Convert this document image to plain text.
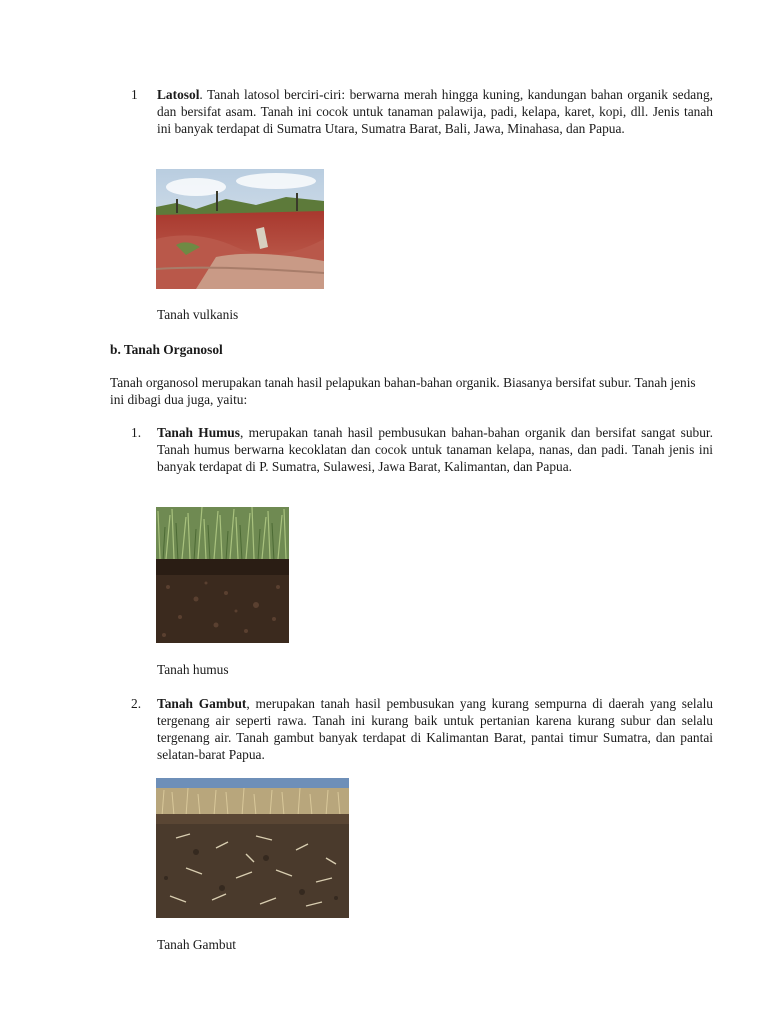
1 Latosol. Tanah latosol berciri-ciri: berwarna merah hingga kuning, kandungan bahan organik sedang, dan bersifat asam. Tanah ini cocok untuk tanaman palawija, padi, kelapa, karet, kopi, dll. Jenis tanah ini banyak terdapat di Sumatra Utara, Sumatra Barat, Bali, Jawa, Minahasa, dan Papua.

Tanah vulkanis
b. Tanah Organosol

Tanah organosol merupakan tanah hasil pelapukan bahan-bahan organik. Biasanya bersifat subur. Tanah jenis ini dibagi dua juga, yaitu:

1. Tanah Humus, merupakan tanah hasil pembusukan bahan-bahan organik dan bersifat sangat subur. Tanah humus berwarna kecoklatan dan cocok untuk tanaman kelapa, nanas, dan padi. Tanah jenis ini banyak terdapat di P. Sumatra, Sulawesi, Jawa Barat, Kalimantan, dan Papua.

Tanah humus
2. Tanah Gambut, merupakan tanah hasil pembusukan yang kurang sempurna di daerah yang selalu tergenang air seperti rawa. Tanah ini kurang baik untuk pertanian karena kurang subur dan selalu tergenang air. Tanah gambut banyak terdapat di Kalimantan Barat, pantai timur Sumatra, dan pantai selatan-barat Papua.

Tanah Gambut
